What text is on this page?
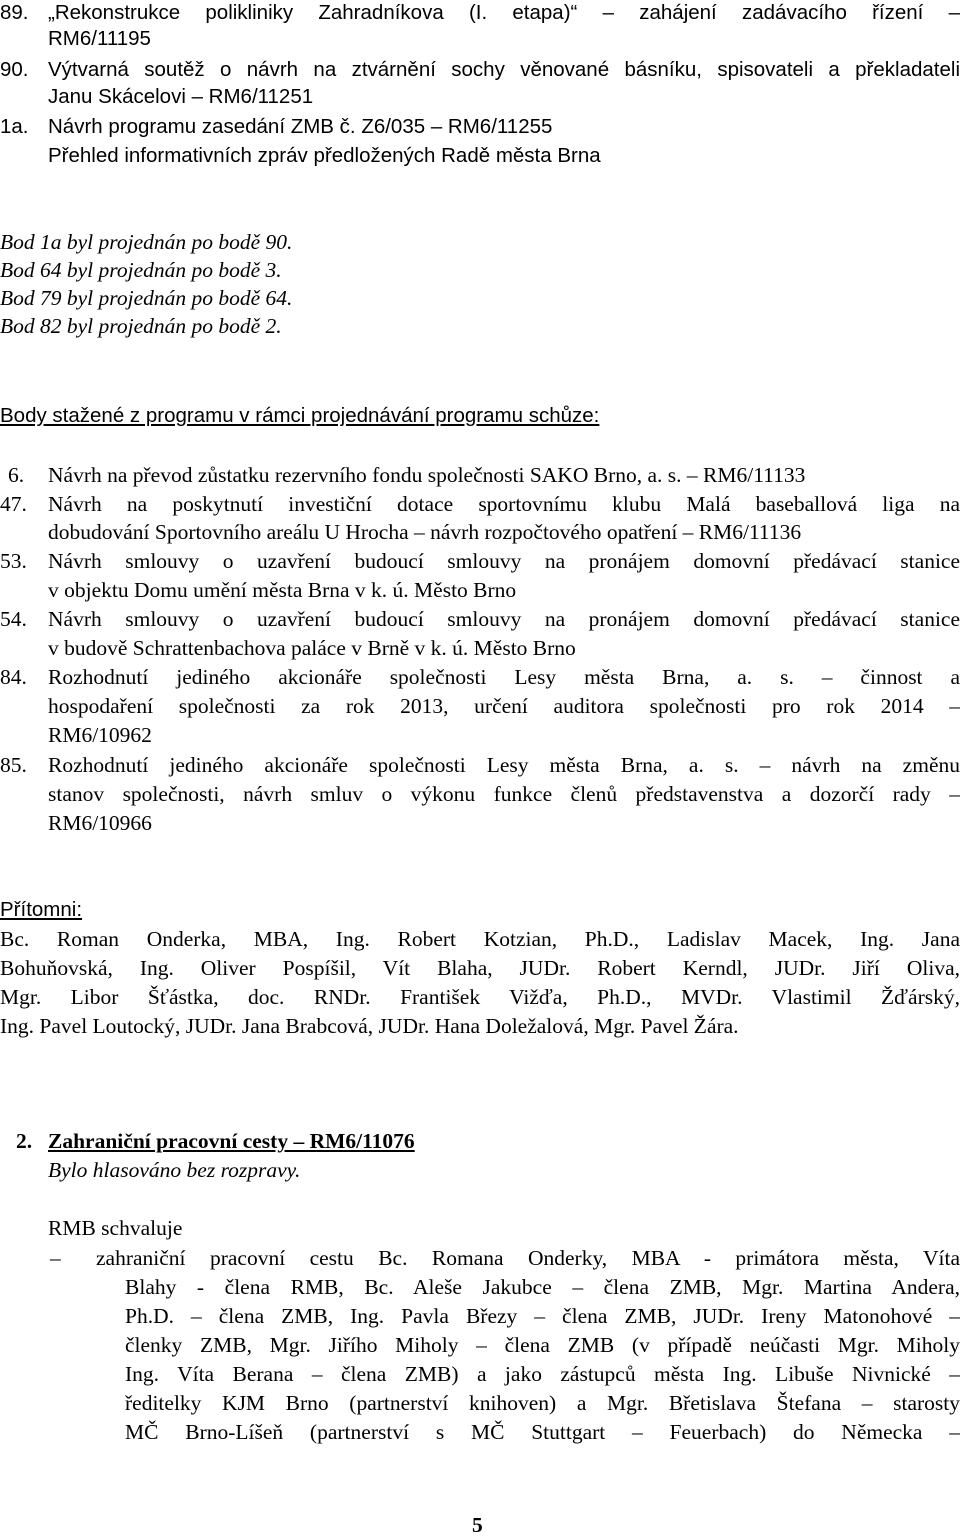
89. „Rekonstrukce polikliniky Zahradníkova (I. etapa)“ – zahájení zadávacího řízení –
RM6/11195
90. Výtvarná soutěž o návrh na ztvárnění sochy věnované básníku, spisovateli a překladateli
Janu Skácelovi – RM6/11251
1a. Návrh programu zasedání ZMB č. Z6/035 – RM6/11255
Přehled informativních zpráv předložených Radě města Brna
Bod 1a byl projednán po bodě 90.
Bod 64 byl projednán po bodě 3.
Bod 79 byl projednán po bodě 64.
Bod 82 byl projednán po bodě 2.
Body stažené z programu v rámci projednávání programu schůze:
6. Návrh na převod zůstatku rezervního fondu společnosti SAKO Brno, a. s. – RM6/11133
47. Návrh na poskytnutí investiční dotace sportovnímu klubu Malá baseballová liga na
dobudování Sportovního areálu U Hrocha – návrh rozpočtového opatření – RM6/11136
53. Návrh smlouvy o uzavření budoucí smlouvy na pronájem domovní předávací stanice
v objektu Domu umění města Brna v k. ú. Město Brno
54. Návrh smlouvy o uzavření budoucí smlouvy na pronájem domovní předávací stanice
v budově Schrattenbachova paláce v Brně v k. ú. Město Brno
84. Rozhodnutí jediného akcionáře společnosti Lesy města Brna, a. s. – činnost a
hospodaření společnosti za rok 2013, určení auditora společnosti pro rok 2014 –
RM6/10962
85. Rozhodnutí jediného akcionáře společnosti Lesy města Brna, a. s. – návrh na změnu
stanov společnosti, návrh smluv o výkonu funkce členů představenstva a dozorčí rady –
RM6/10966
Přítomni:
Bc. Roman Onderka, MBA, Ing. Robert Kotzian, Ph.D., Ladislav Macek, Ing. Jana
Bohuňovská, Ing. Oliver Pospíšil, Vít Blaha, JUDr. Robert Kerndl, JUDr. Jiří Oliva,
Mgr. Libor Šťástka, doc. RNDr. František Vižďa, Ph.D., MVDr. Vlastimil Žďárský,
Ing. Pavel Loutocký, JUDr. Jana Brabcová, JUDr. Hana Doležalová, Mgr. Pavel Žára.
2. Zahraniční pracovní cesty – RM6/11076
Bylo hlasováno bez rozpravy.
RMB schvaluje
– zahraniční pracovní cestu Bc. Romana Onderky, MBA - primátora města, Víta
Blahy - člena RMB, Bc. Aleše Jakubce – člena ZMB, Mgr. Martina Andera,
Ph.D. – člena ZMB, Ing. Pavla Březy – člena ZMB, JUDr. Ireny Matonohové –
členky ZMB, Mgr. Jiřího Miholy – člena ZMB (v případě neúčasti Mgr. Miholy
Ing. Víta Berana – člena ZMB) a jako zástupců města Ing. Libuše Nivnické –
ředitelky KJM Brno (partnerství knihoven) a Mgr. Břetislava Štefana – starosty
MČ Brno-Líšeň (partnerství s MČ Stuttgart – Feuerbach) do Německa –
5
